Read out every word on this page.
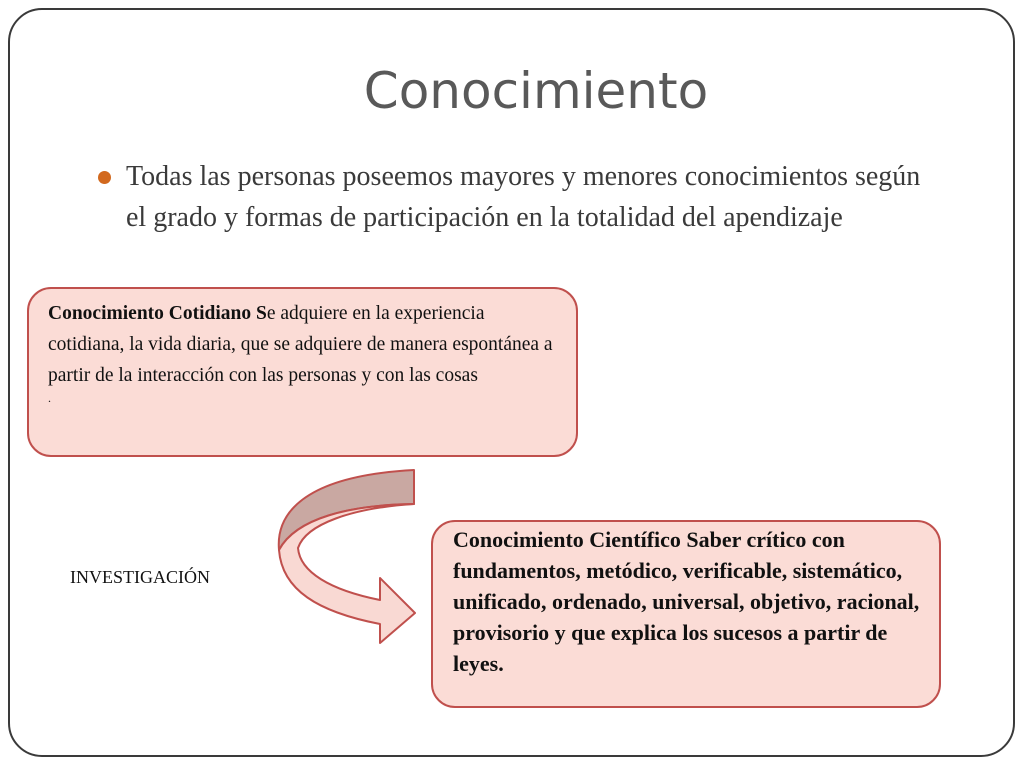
Conocimiento
Todas las personas poseemos mayores y menores conocimientos según el grado y formas de participación en la totalidad del apendizaje
Conocimiento Cotidiano Se adquiere en la experiencia cotidiana, la vida diaria, que se adquiere de manera espontánea a partir de la interacción con las personas y con las cosas
.
INVESTIGACIÓN
Conocimiento Científico Saber crítico con fundamentos, metódico, verificable, sistemático, unificado, ordenado, universal, objetivo, racional, provisorio y que explica los sucesos a partir de leyes.
